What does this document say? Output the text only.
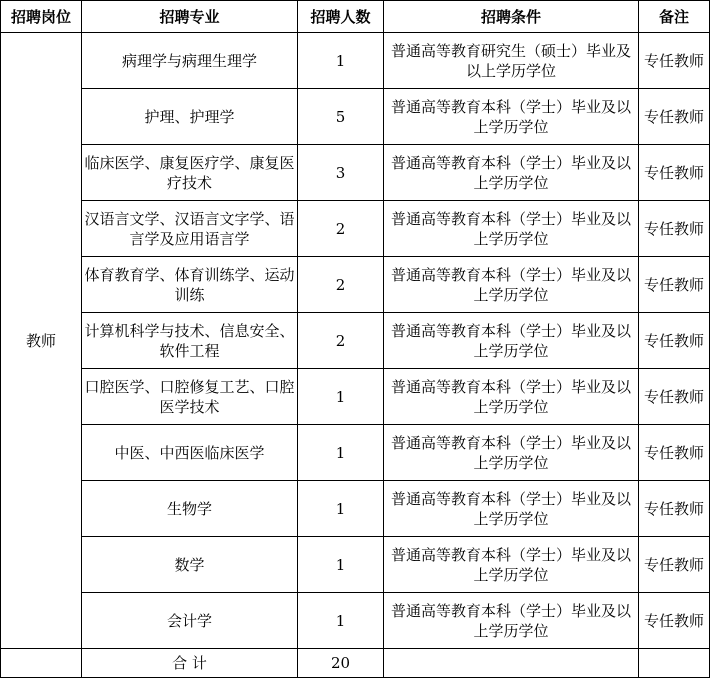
招聘岗位	招聘专业	招聘人数	招聘条件	备注
教师	病理学与病理生理学	1	普通高等教育研究生（硕士）毕业及以上学历学位	专任教师
	护理、护理学	5	普通高等教育本科（学士）毕业及以上学历学位	专任教师
	临床医学、康复医疗学、康复医疗技术	3	普通高等教育本科（学士）毕业及以上学历学位	专任教师
	汉语言文学、汉语言文字学、语言学及应用语言学	2	普通高等教育本科（学士）毕业及以上学历学位	专任教师
	体育教育学、体育训练学、运动训练	2	普通高等教育本科（学士）毕业及以上学历学位	专任教师
	计算机科学与技术、信息安全、软件工程	2	普通高等教育本科（学士）毕业及以上学历学位	专任教师
	口腔医学、口腔修复工艺、口腔医学技术	1	普通高等教育本科（学士）毕业及以上学历学位	专任教师
	中医、中西医临床医学	1	普通高等教育本科（学士）毕业及以上学历学位	专任教师
	生物学	1	普通高等教育本科（学士）毕业及以上学历学位	专任教师
	数学	1	普通高等教育本科（学士）毕业及以上学历学位	专任教师
	会计学	1	普通高等教育本科（学士）毕业及以上学历学位	专任教师
	合 计	20		
